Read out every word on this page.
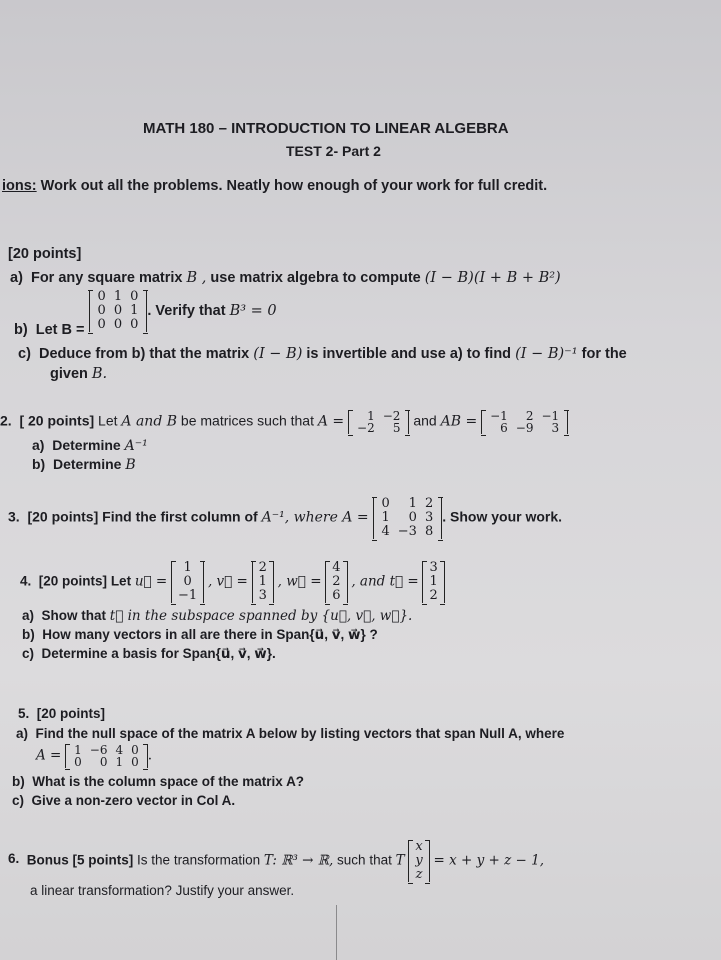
MATH 180 – INTRODUCTION TO LINEAR ALGEBRA
TEST 2- Part 2
ions: Work out all the problems. Neatly how enough of your work for full credit.
[20 points]
a) For any square matrix B , use matrix algebra to compute (I − B)(I + B + B²)
b) Let B =
0	1	0
0	0	1
0	0	0
. Verify that B³ = 0
c) Deduce from b) that the matrix (I − B) is invertible and use a) to find (I − B)⁻¹ for the
given B.
2. [ 20 points] Let A and B be matrices such that A = 1	−2
−2	5 and AB = −1	2	−1
6	−9	3
a) Determine A⁻¹
b) Determine B
3. [20 points] Find the first column of A⁻¹, where A =
0	1	2
1	0	3
4	−3	8
. Show your work.
4. [20 points] Let u⃗ =
1
0
−1
, v⃗ =
2
1
3
, w⃗ =
4
2
6
, and t⃗ =
3
1
2
a) Show that t⃗ in the subspace spanned by {u⃗, v⃗, w⃗}.
b) How many vectors in all are there in Span{u⃗, v⃗, w⃗} ?
c) Determine a basis for Span{u⃗, v⃗, w⃗}.
5. [20 points]
a) Find the null space of the matrix A below by listing vectors that span Null A, where
A = 1	−6	4	0
0	0	1	0 .
b) What is the column space of the matrix A?
c) Give a non-zero vector in Col A.
6. Bonus [5 points] Is the transformation T: ℝ³ → ℝ, such that T
x
y
z
= x + y + z − 1,
a linear transformation? Justify your answer.
